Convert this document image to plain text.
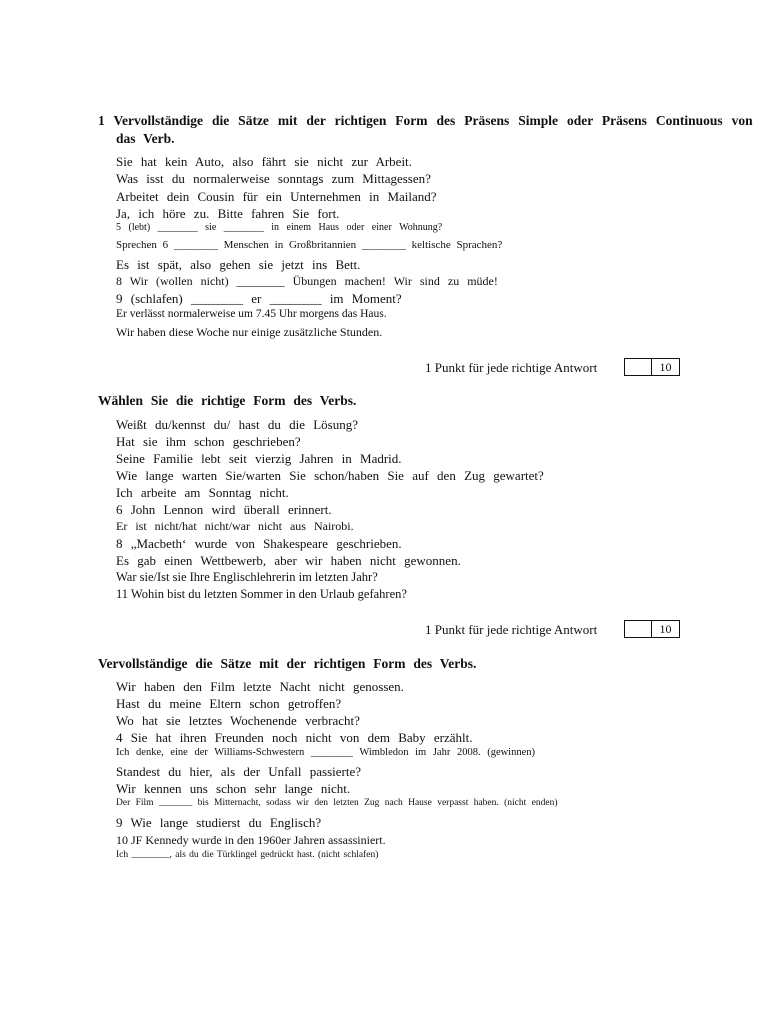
1 Vervollständige die Sätze mit der richtigen Form des Präsens Simple oder Präsens Continuous von
das Verb.
Sie hat kein Auto, also fährt sie nicht zur Arbeit.
Was isst du normalerweise sonntags zum Mittagessen?
Arbeitet dein Cousin für ein Unternehmen in Mailand?
Ja, ich höre zu. Bitte fahren Sie fort.
5 (lebt) ________ sie ________ in einem Haus oder einer Wohnung?
Sprechen 6 ________ Menschen in Großbritannien ________ keltische Sprachen?
Es ist spät, also gehen sie jetzt ins Bett.
8 Wir (wollen nicht) ________ Übungen machen! Wir sind zu müde!
9 (schlafen) ________ er ________ im Moment?
Er verlässt normalerweise um 7.45 Uhr morgens das Haus.
Wir haben diese Woche nur einige zusätzliche Stunden.
1 Punkt für jede richtige Antwort	10
Wählen Sie die richtige Form des Verbs.
Weißt du/kennst du/ hast du die Lösung?
Hat sie ihm schon geschrieben?
Seine Familie lebt seit vierzig Jahren in Madrid.
Wie lange warten Sie/warten Sie schon/haben Sie auf den Zug gewartet?
Ich arbeite am Sonntag nicht.
6 John Lennon wird überall erinnert.
Er ist nicht/hat nicht/war nicht aus Nairobi.
8 „Macbeth‘ wurde von Shakespeare geschrieben.
Es gab einen Wettbewerb, aber wir haben nicht gewonnen.
War sie/Ist sie Ihre Englischlehrerin im letzten Jahr?
11 Wohin bist du letzten Sommer in den Urlaub gefahren?
1 Punkt für jede richtige Antwort	10
Vervollständige die Sätze mit der richtigen Form des Verbs.
Wir haben den Film letzte Nacht nicht genossen.
Hast du meine Eltern schon getroffen?
Wo hat sie letztes Wochenende verbracht?
4 Sie hat ihren Freunden noch nicht von dem Baby erzählt.
Ich denke, eine der Williams-Schwestern ________ Wimbledon im Jahr 2008. (gewinnen)
Standest du hier, als der Unfall passierte?
Wir kennen uns schon sehr lange nicht.
Der Film _______ bis Mitternacht, sodass wir den letzten Zug nach Hause verpasst haben. (nicht enden)
9 Wie lange studierst du Englisch?
10 JF Kennedy wurde in den 1960er Jahren assassiniert.
Ich ________, als du die Türklingel gedrückt hast. (nicht schlafen)
